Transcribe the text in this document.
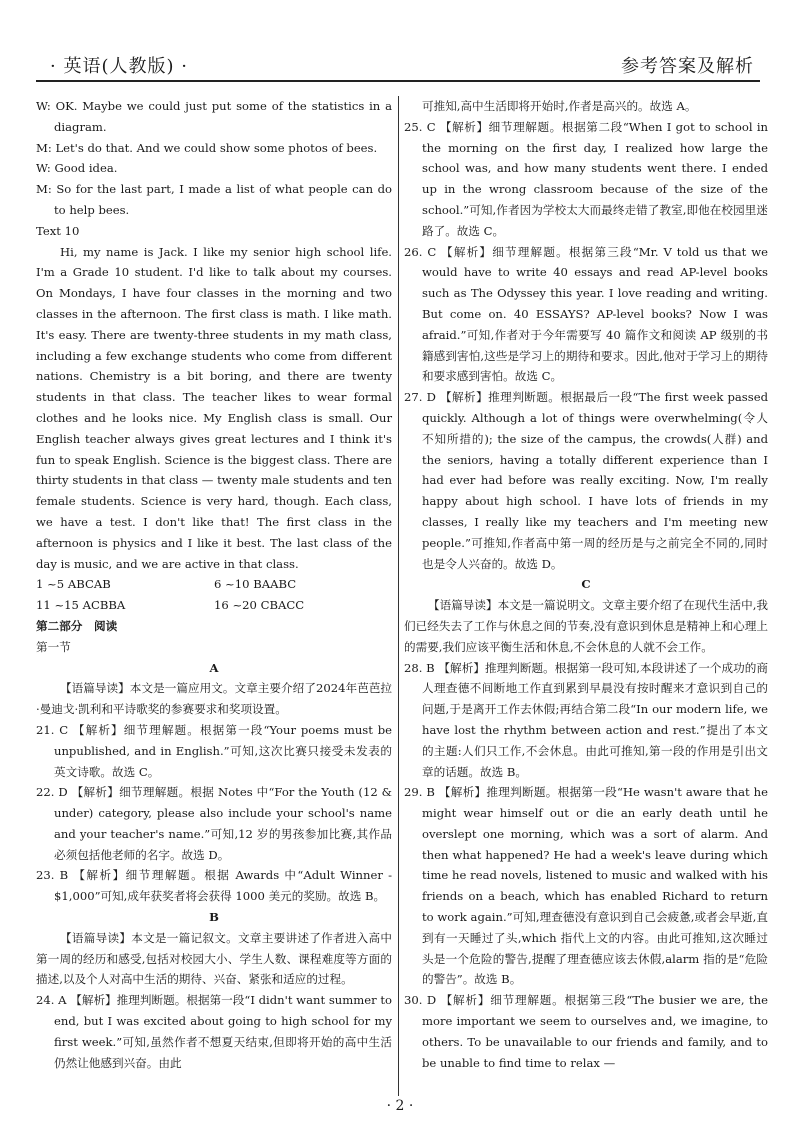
· 英语(人教版) ·	参考答案及解析

W: OK. Maybe we could just put some of the statistics in a diagram.

M: Let's do that. And we could show some photos of bees.

W: Good idea.

M: So for the last part, I made a list of what people can do to help bees.

Text 10

Hi, my name is Jack. I like my senior high school life. I'm a Grade 10 student. I'd like to talk about my courses. On Mondays, I have four classes in the morning and two classes in the afternoon. The first class is math. I like math. It's easy. There are twenty-three students in my math class, including a few exchange students who come from different nations. Chemistry is a bit boring, and there are twenty students in that class. The teacher likes to wear formal clothes and he looks nice. My English class is small. Our English teacher always gives great lectures and I think it's fun to speak English. Science is the biggest class. There are thirty students in that class — twenty male students and ten female students. Science is very hard, though. Each class, we have a test. I don't like that! The first class in the afternoon is physics and I like it best. The last class of the day is music, and we are active in that class.

1 ~5 ABCAB	6 ~10 BAABC
11 ~15 ACBBA	16 ~20 CBACC

第二部分　阅读

第一节

A

【语篇导读】本文是一篇应用文。文章主要介绍了2024年芭芭拉·曼迪戈·凯利和平诗歌奖的参赛要求和奖项设置。

21. C 【解析】细节理解题。根据第一段“Your poems must be unpublished, and in English.”可知,这次比赛只接受未发表的英文诗歌。故选 C。

22. D 【解析】细节理解题。根据 Notes 中“For the Youth (12 & under) category, please also include your school's name and your teacher's name.”可知,12 岁的男孩参加比赛,其作品必须包括他老师的名字。故选 D。

23. B 【解析】细节理解题。根据 Awards 中“Adult Winner - $1,000”可知,成年获奖者将会获得 1000 美元的奖励。故选 B。

B

【语篇导读】本文是一篇记叙文。文章主要讲述了作者进入高中第一周的经历和感受,包括对校园大小、学生人数、课程难度等方面的描述,以及个人对高中生活的期待、兴奋、紧张和适应的过程。

24. A 【解析】推理判断题。根据第一段“I didn't want summer to end, but I was excited about going to high school for my first week.”可知,虽然作者不想夏天结束,但即将开始的高中生活仍然让他感到兴奋。由此

可推知,高中生活即将开始时,作者是高兴的。故选 A。

25. C 【解析】细节理解题。根据第二段“When I got to school in the morning on the first day, I realized how large the school was, and how many students went there. I ended up in the wrong classroom because of the size of the school.”可知,作者因为学校太大而最终走错了教室,即他在校园里迷路了。故选 C。

26. C 【解析】细节理解题。根据第三段“Mr. V told us that we would have to write 40 essays and read AP-level books such as The Odyssey this year. I love reading and writing. But come on. 40 ESSAYS? AP-level books? Now I was afraid.”可知,作者对于今年需要写 40 篇作文和阅读 AP 级别的书籍感到害怕,这些是学习上的期待和要求。因此,他对于学习上的期待和要求感到害怕。故选 C。

27. D 【解析】推理判断题。根据最后一段“The first week passed quickly. Although a lot of things were overwhelming(令人不知所措的); the size of the campus, the crowds(人群) and the seniors, having a totally different experience than I had ever had before was really exciting. Now, I'm really happy about high school. I have lots of friends in my classes, I really like my teachers and I'm meeting new people.”可推知,作者高中第一周的经历是与之前完全不同的,同时也是令人兴奋的。故选 D。

C

【语篇导读】本文是一篇说明文。文章主要介绍了在现代生活中,我们已经失去了工作与休息之间的节奏,没有意识到休息是精神上和心理上的需要,我们应该平衡生活和休息,不会休息的人就不会工作。

28. B 【解析】推理判断题。根据第一段可知,本段讲述了一个成功的商人理查德不间断地工作直到累到早晨没有按时醒来才意识到自己的问题,于是离开工作去休假;再结合第二段“In our modern life, we have lost the rhythm between action and rest.”提出了本文的主题:人们只工作,不会休息。由此可推知,第一段的作用是引出文章的话题。故选 B。

29. B 【解析】推理判断题。根据第一段“He wasn't aware that he might wear himself out or die an early death until he overslept one morning, which was a sort of alarm. And then what happened? He had a week's leave during which time he read novels, listened to music and walked with his friends on a beach, which has enabled Richard to return to work again.”可知,理查德没有意识到自己会疲惫,或者会早逝,直到有一天睡过了头,which 指代上文的内容。由此可推知,这次睡过头是一个危险的警告,提醒了理查德应该去休假,alarm 指的是“危险的警告”。故选 B。

30. D 【解析】细节理解题。根据第三段“The busier we are, the more important we seem to ourselves and, we imagine, to others. To be unavailable to our friends and family, and to be unable to find time to relax —

· 2 ·
